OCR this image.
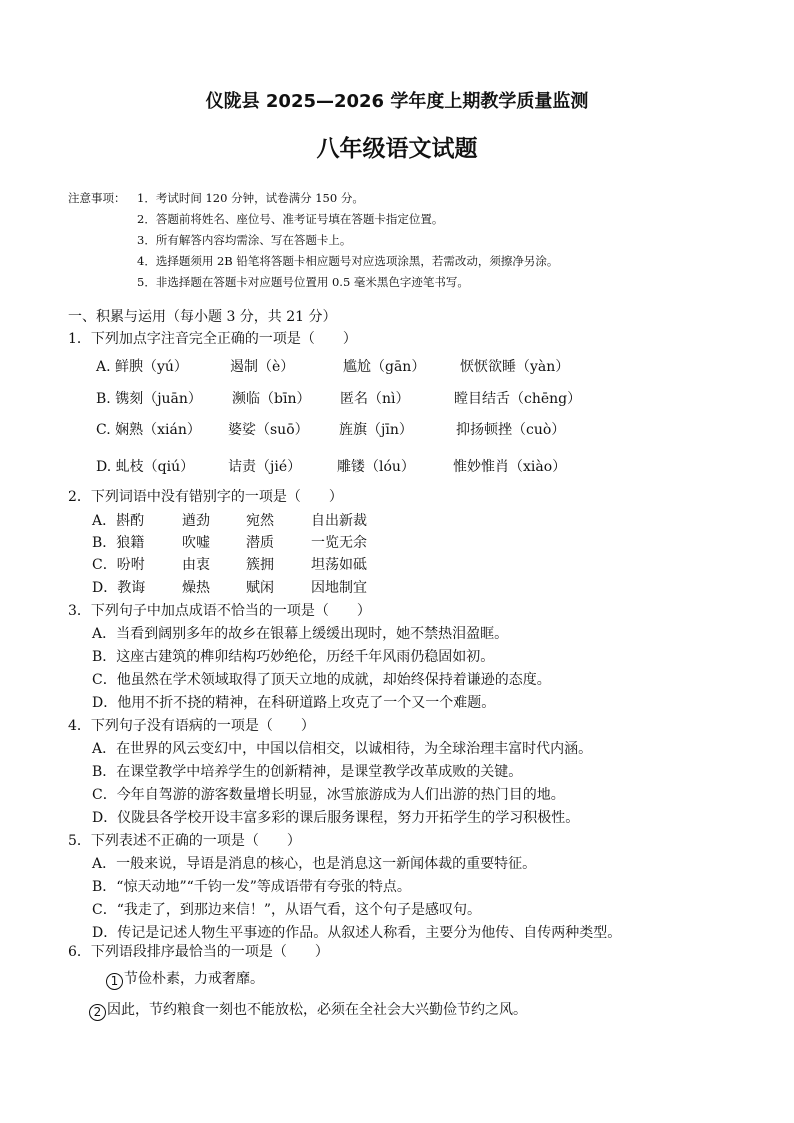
仪陇县 2025—2026 学年度上期教学质量监测
八年级语文试题
注意事项： 1．考试时间 120 分钟，试卷满分 150 分。
2．答题前将姓名、座位号、准考证号填在答题卡指定位置。
3．所有解答内容均需涂、写在答题卡上。
4．选择题须用 2B 铅笔将答题卡相应题号对应选项涂黑，若需改动，须擦净另涂。
5．非选择题在答题卡对应题号位置用 0.5 毫米黑色字迹笔书写。
一、积累与运用（每小题 3 分，共 21 分）
1．下列加点字注音完全正确的一项是（　　）
A. 鲜腴（yú）	遏制（è）	尴尬（gān） 恹恹欲睡（yàn）
B. 镌刻（juān） 濒临（bīn） 匿名（nì）	瞠目结舌（chēng）
C. 娴熟（xián） 婆娑（suō） 旌旗（jīn）	抑扬顿挫（cuò）
D. 虬枝（qiú） 诘责（jié）	雕镂（lóu）	惟妙惟肖（xiào）
2．下列词语中没有错别字的一项是（　　）
A．斟酌	遒劲	宛然	自出新裁
B．狼籍	吹嘘	潜质	一览无余
C．吩咐	由衷	簇拥	坦荡如砥
D．教诲	燥热	赋闲	因地制宜
3．下列句子中加点成语不恰当的一项是（　　）
A．当看到阔别多年的故乡在银幕上缓缓出现时，她不禁热泪盈眶。
B．这座古建筑的榫卯结构巧妙绝伦，历经千年风雨仍稳固如初。
C．他虽然在学术领域取得了顶天立地的成就，却始终保持着谦逊的态度。
D．他用不折不挠的精神，在科研道路上攻克了一个又一个难题。
4．下列句子没有语病的一项是（　　）
A．在世界的风云变幻中，中国以信相交，以诚相待，为全球治理丰富时代内涵。
B．在课堂教学中培养学生的创新精神，是课堂教学改革成败的关键。
C．今年自驾游的游客数量增长明显，冰雪旅游成为人们出游的热门目的地。
D．仪陇县各学校开设丰富多彩的课后服务课程，努力开拓学生的学习积极性。
5．下列表述不正确的一项是（　　）
A．一般来说，导语是消息的核心，也是消息这一新闻体裁的重要特征。
B．“惊天动地”“千钧一发”等成语带有夸张的特点。
C．“我走了，到那边来信！”，从语气看，这个句子是感叹句。
D．传记是记述人物生平事迹的作品。从叙述人称看，主要分为他传、自传两种类型。
6．下列语段排序最恰当的一项是（　　）
1 节俭朴素，力戒奢靡。
2 因此，节约粮食一刻也不能放松，必须在全社会大兴勤俭节约之风。
